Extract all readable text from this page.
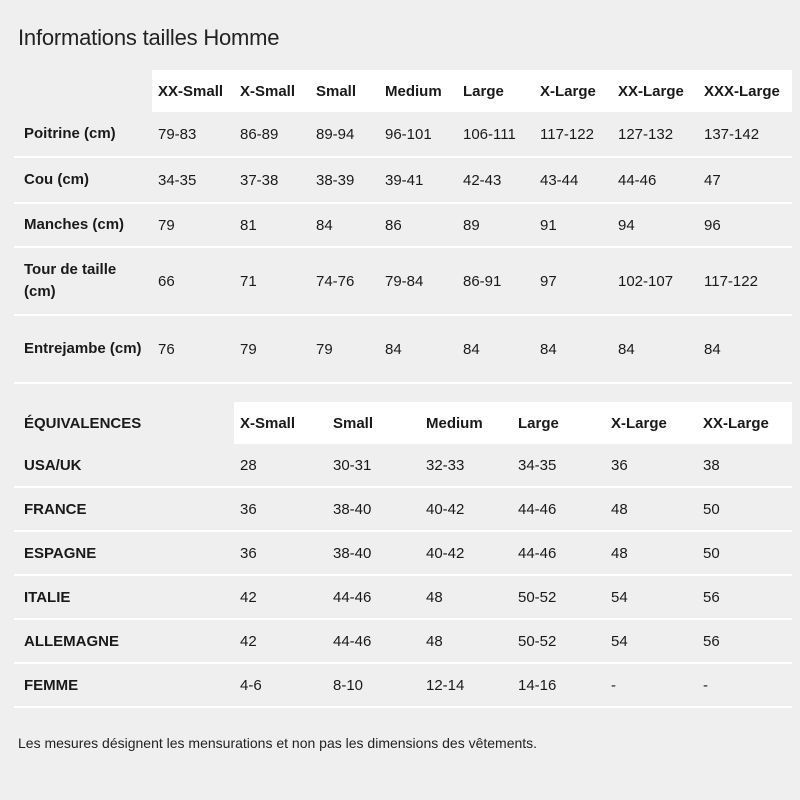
Informations tailles Homme
	XX-Small	X-Small	Small	Medium	Large	X-Large	XX-Large	XXX-Large
Poitrine (cm)	79-83	86-89	89-94	96-101	106-111	117-122	127-132	137-142
Cou (cm)	34-35	37-38	38-39	39-41	42-43	43-44	44-46	47
Manches (cm)	79	81	84	86	89	91	94	96
Tour de taille (cm)	66	71	74-76	79-84	86-91	97	102-107	117-122
Entrejambe (cm)	76	79	79	84	84	84	84	84
ÉQUIVALENCES	X-Small	Small	Medium	Large	X-Large	XX-Large
USA/UK	28	30-31	32-33	34-35	36	38
FRANCE	36	38-40	40-42	44-46	48	50
ESPAGNE	36	38-40	40-42	44-46	48	50
ITALIE	42	44-46	48	50-52	54	56
ALLEMAGNE	42	44-46	48	50-52	54	56
FEMME	4-6	8-10	12-14	14-16	-	-
Les mesures désignent les mensurations et non pas les dimensions des vêtements.
